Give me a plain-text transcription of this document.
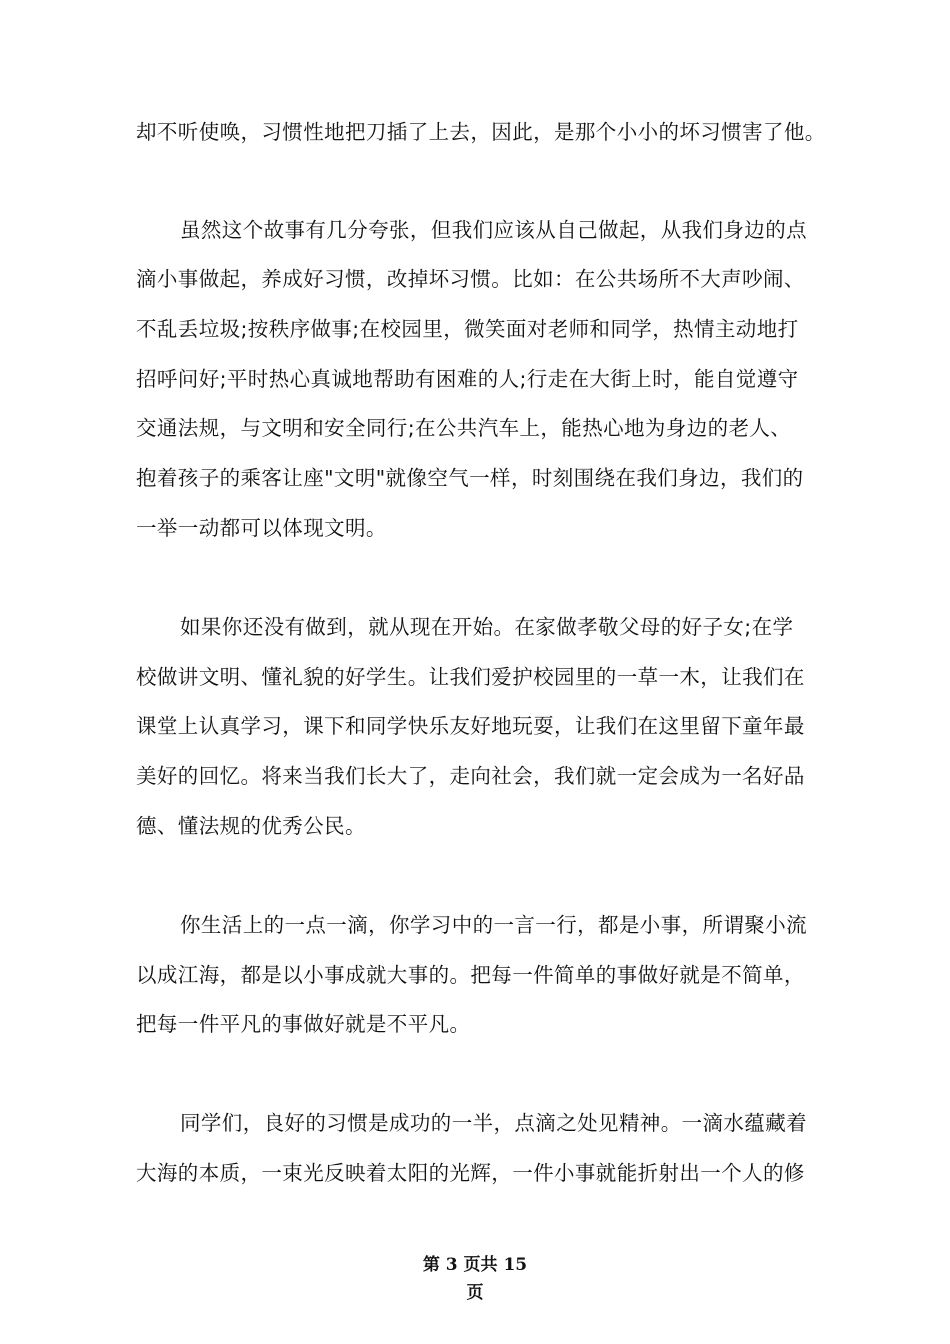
却不听使唤，习惯性地把刀插了上去，因此，是那个小小的坏习惯害了他。
虽然这个故事有几分夸张，但我们应该从自己做起，从我们身边的点
滴小事做起，养成好习惯，改掉坏习惯。比如：在公共场所不大声吵闹、
不乱丢垃圾;按秩序做事;在校园里，微笑面对老师和同学，热情主动地打
招呼问好;平时热心真诚地帮助有困难的人;行走在大街上时，能自觉遵守
交通法规，与文明和安全同行;在公共汽车上，能热心地为身边的老人、
抱着孩子的乘客让座"文明"就像空气一样，时刻围绕在我们身边，我们的
一举一动都可以体现文明。
如果你还没有做到，就从现在开始。在家做孝敬父母的好子女;在学
校做讲文明、懂礼貌的好学生。让我们爱护校园里的一草一木，让我们在
课堂上认真学习，课下和同学快乐友好地玩耍，让我们在这里留下童年最
美好的回忆。将来当我们长大了，走向社会，我们就一定会成为一名好品
德、懂法规的优秀公民。
你生活上的一点一滴，你学习中的一言一行，都是小事，所谓聚小流
以成江海，都是以小事成就大事的。把每一件简单的事做好就是不简单，
把每一件平凡的事做好就是不平凡。
同学们，良好的习惯是成功的一半，点滴之处见精神。一滴水蕴藏着
大海的本质，一束光反映着太阳的光辉，一件小事就能折射出一个人的修
第 3 页共 15
页
